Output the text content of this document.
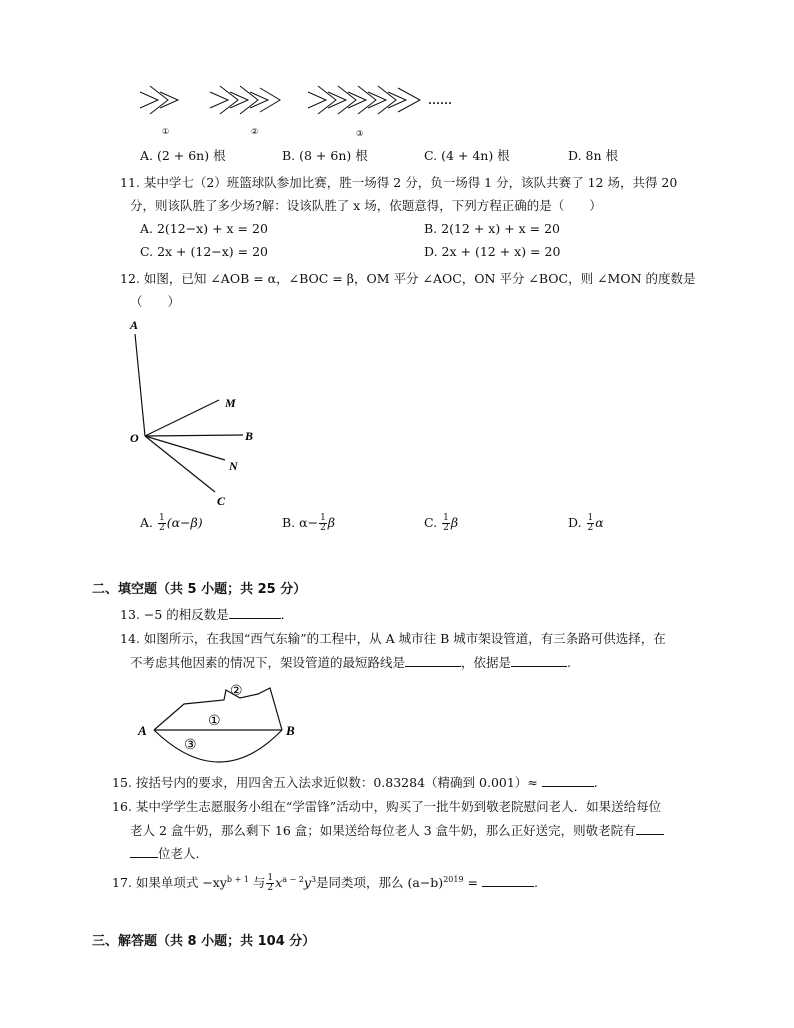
……
①	②	③
A. (2 + 6n) 根	B. (8 + 6n) 根	C. (4 + 4n) 根	D. 8n 根
11. 某中学七（2）班篮球队参加比赛，胜一场得 2 分，负一场得 1 分，该队共赛了 12 场，共得 20
分，则该队胜了多少场?解：设该队胜了 x 场，依题意得，下列方程正确的是（　　）
A. 2(12−x) + x = 20	B. 2(12 + x) + x = 20
C. 2x + (12−x) = 20	D. 2x + (12 + x) = 20
12. 如图，已知 ∠AOB = α，∠BOC = β，OM 平分 ∠AOC，ON 平分 ∠BOC，则 ∠MON 的度数是
（　　）
A
M
O	B
N
C
A. $\frac{1}{2} (\alpha-\beta)$	B. $\alpha- \frac{1}{2}$ β	C. $\frac{1}{2}$ β	D. $\frac{1}{2}$ α
二、填空题（共 5 小题；共 25 分）
13. −5 的相反数是	.
14. 如图所示，在我国“西气东输”的工程中，从 A 城市往 B 城市架设管道，有三条路可供选择，在
不考虑其他因素的情况下，架设管道的最短路线是	，依据是	.
A	B
①
②
③
15. 按括号内的要求，用四舍五入法求近似数：0.83284（精确到 0.001）≈	.
16. 某中学学生志愿服务小组在“学雷锋”活动中，购买了一批牛奶到敬老院慰问老人．如果送给每位
老人 2 盒牛奶，那么剩下 16 盒；如果送给每位老人 3 盒牛奶，那么正好送完，则敬老院有
位老人.
17. 如果单项式 $-xy^{b + 1}$ 与 $\frac{1}{2} x^{a - 2}y^3$是同类项，那么 $(a-b)^{2019}$ =	.
三、解答题（共 8 小题；共 104 分）
